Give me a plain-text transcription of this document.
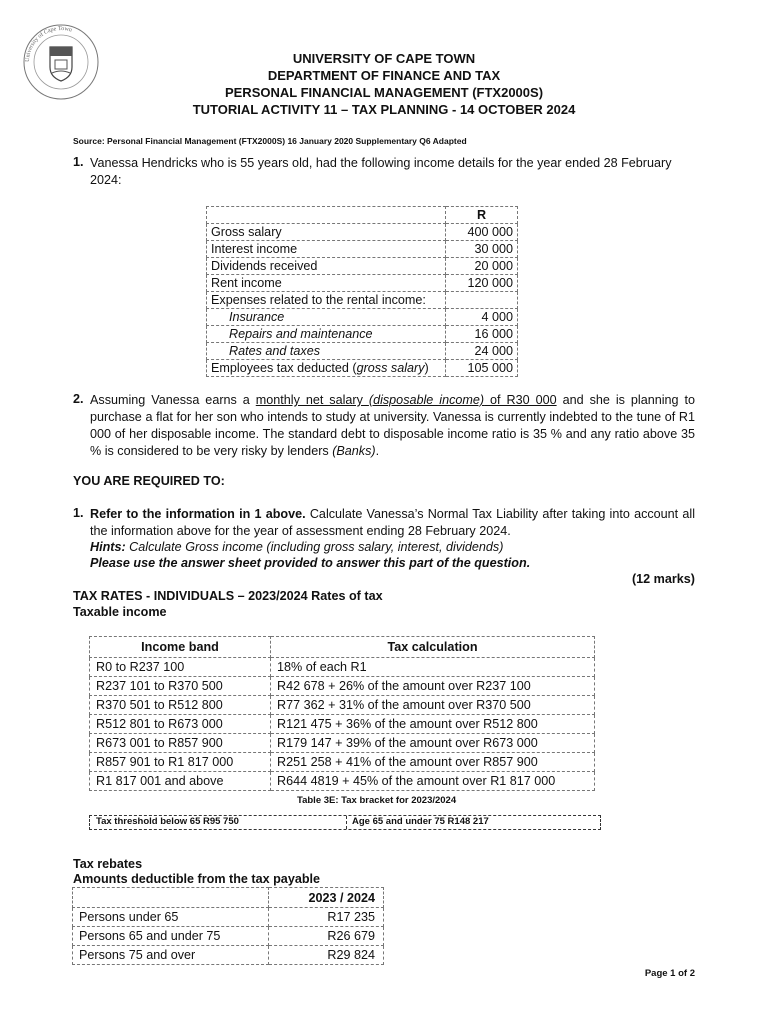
University of Cape Town
UNIVERSITY OF CAPE TOWN
DEPARTMENT OF FINANCE AND TAX
PERSONAL FINANCIAL MANAGEMENT (FTX2000S)
TUTORIAL ACTIVITY 11 – TAX PLANNING - 14 OCTOBER 2024
Source: Personal Financial Management (FTX2000S) 16 January 2020 Supplementary Q6 Adapted
1. Vanessa Hendricks who is 55 years old, had the following income details for the year ended 28 February 2024:
	R
Gross salary	400 000
Interest income	30 000
Dividends received	20 000
Rent income	120 000
Expenses related to the rental income:	
Insurance	4 000
Repairs and maintenance	16 000
Rates and taxes	24 000
Employees tax deducted (gross salary)	105 000
2. Assuming Vanessa earns a monthly net salary (disposable income) of R30 000 and she is planning to purchase a flat for her son who intends to study at university. Vanessa is currently indebted to the tune of R1 000 of her disposable income. The standard debt to disposable income ratio is 35 % and any ratio above 35 % is considered to be very risky by lenders (Banks).
YOU ARE REQUIRED TO:
1. Refer to the information in 1 above. Calculate Vanessa’s Normal Tax Liability after taking into account all the information above for the year of assessment ending 28 February 2024.
Hints: Calculate Gross income (including gross salary, interest, dividends)
Please use the answer sheet provided to answer this part of the question.
(12 marks)
TAX RATES - INDIVIDUALS – 2023/2024 Rates of tax
Taxable income
Income band	Tax calculation
R0 to R237 100	18% of each R1
R237 101 to R370 500	R42 678 + 26% of the amount over R237 100
R370 501 to R512 800	R77 362 + 31% of the amount over R370 500
R512 801 to R673 000	R121 475 + 36% of the amount over R512 800
R673 001 to R857 900	R179 147 + 39% of the amount over R673 000
R857 901 to R1 817 000	R251 258 + 41% of the amount over R857 900
R1 817 001 and above	R644 4819 + 45% of the amount over R1 817 000
Table 3E: Tax bracket for 2023/2024
Tax threshold below 65 R95 750	Age 65 and under 75 R148 217
Tax rebates
Amounts deductible from the tax payable
	2023 / 2024
Persons under 65	R17 235
Persons 65 and under 75	R26 679
Persons 75 and over	R29 824
Page 1 of 2
